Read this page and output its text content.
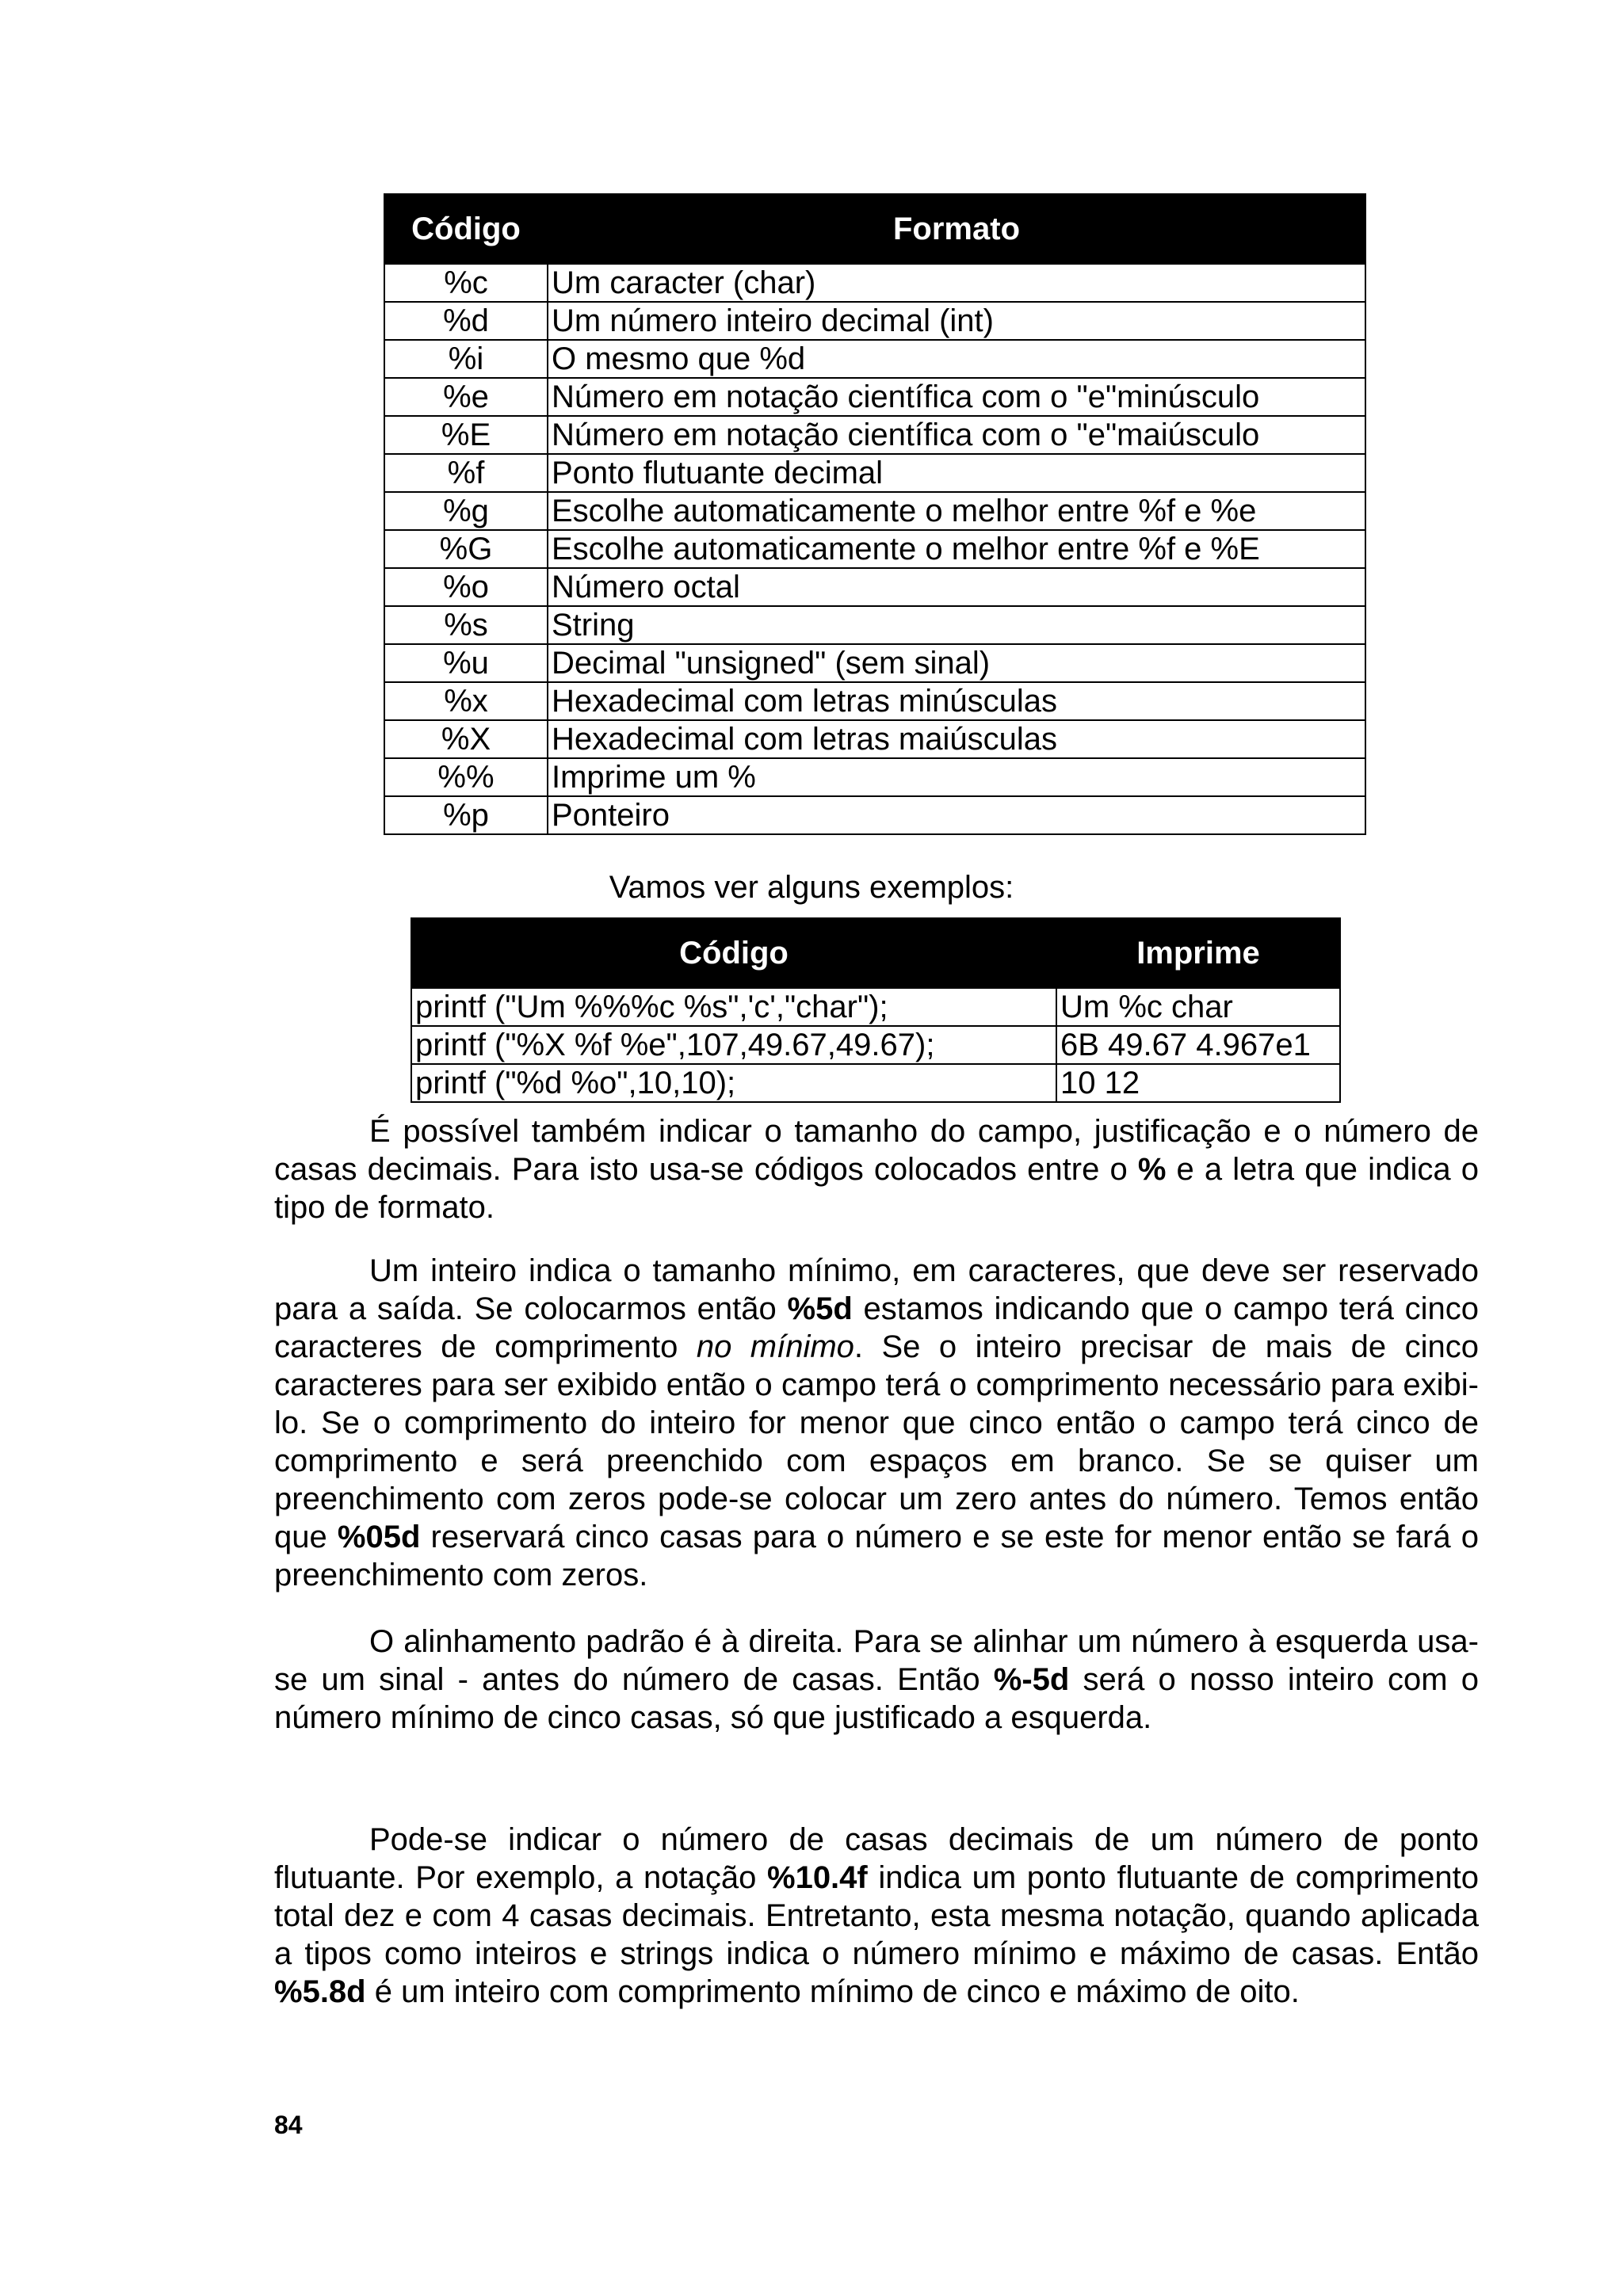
Código	Formato
%c	Um caracter (char)
%d	Um número inteiro decimal (int)
%i	O mesmo que %d
%e	Número em notação científica com o "e"minúsculo
%E	Número em notação científica com o "e"maiúsculo
%f	Ponto flutuante decimal
%g	Escolhe automaticamente o melhor entre %f e %e
%G	Escolhe automaticamente o melhor entre %f e %E
%o	Número octal
%s	String
%u	Decimal "unsigned" (sem sinal)
%x	Hexadecimal com letras minúsculas
%X	Hexadecimal com letras maiúsculas
%%	Imprime um %
%p	Ponteiro
Vamos ver alguns exemplos:
Código	Imprime
printf ("Um %%%c %s",'c',"char");	Um %c char
printf ("%X %f %e",107,49.67,49.67);	6B 49.67 4.967e1
printf ("%d %o",10,10);	10 12

É possível também indicar o tamanho do campo, justificação e o número de casas decimais. Para isto usa-se códigos colocados entre o % e a letra que indica o tipo de formato.

Um inteiro indica o tamanho mínimo, em caracteres, que deve ser reservado para a saída. Se colocarmos então %5d estamos indicando que o campo terá cinco caracteres de comprimento no mínimo. Se o inteiro precisar de mais de cinco caracteres para ser exibido então o campo terá o comprimento necessário para exibi-lo. Se o comprimento do inteiro for menor que cinco então o campo terá cinco de comprimento e será preenchido com espaços em branco. Se se quiser um preenchimento com zeros pode-se colocar um zero antes do número. Temos então que %05d reservará cinco casas para o número e se este for menor então se fará o preenchimento com zeros.

O alinhamento padrão é à direita. Para se alinhar um número à esquerda usa-se um sinal - antes do número de casas. Então %-5d será o nosso inteiro com o número mínimo de cinco casas, só que justificado a esquerda.

Pode-se indicar o número de casas decimais de um número de ponto flutuante. Por exemplo, a notação %10.4f indica um ponto flutuante de comprimento total dez e com 4 casas decimais. Entretanto, esta mesma notação, quando aplicada a tipos como inteiros e strings indica o número mínimo e máximo de casas. Então %5.8d é um inteiro com comprimento mínimo de cinco e máximo de oito.

84
